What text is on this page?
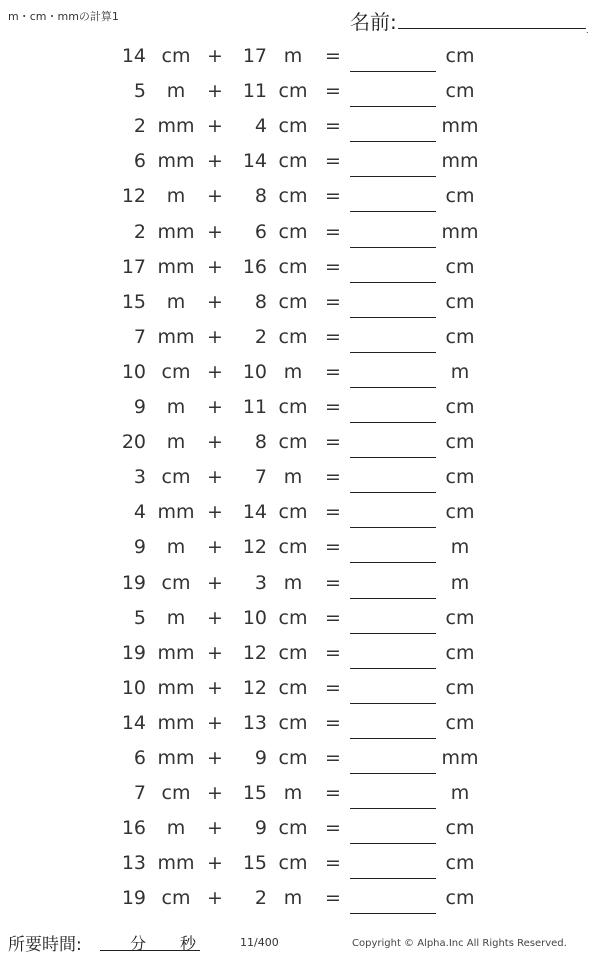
m・cm・mmの計算1	名前:	.
14 cm +	17 m	=	cm
5	m	+	11 cm =	cm
2 mm +	4 cm =	mm
6 mm +	14 cm =	mm
12	m	+	8 cm =	cm
2 mm +	6 cm =	mm
17 mm +	16 cm =	cm
15	m	+	8 cm =	cm
7 mm +	2 cm =	cm
10 cm +	10 m	=	m
9	m	+	11 cm =	cm
20	m	+	8 cm =	cm
3 cm +	7 m	=	cm
4 mm +	14 cm =	cm
9	m	+	12 cm =	m
19 cm +	3 m	=	m
5	m	+	10 cm =	cm
19 mm +	12 cm =	cm
10 mm +	12 cm =	cm
14 mm +	13 cm =	cm
6 mm +	9 cm =	mm
7 cm +	15 m	=	m
16	m	+	9 cm =	cm
13 mm +	15 cm =	cm
19 cm +	2 m	=	cm
所要時間:	分 秒	11/400	Copyright © Alpha.Inc All Rights Reserved.
